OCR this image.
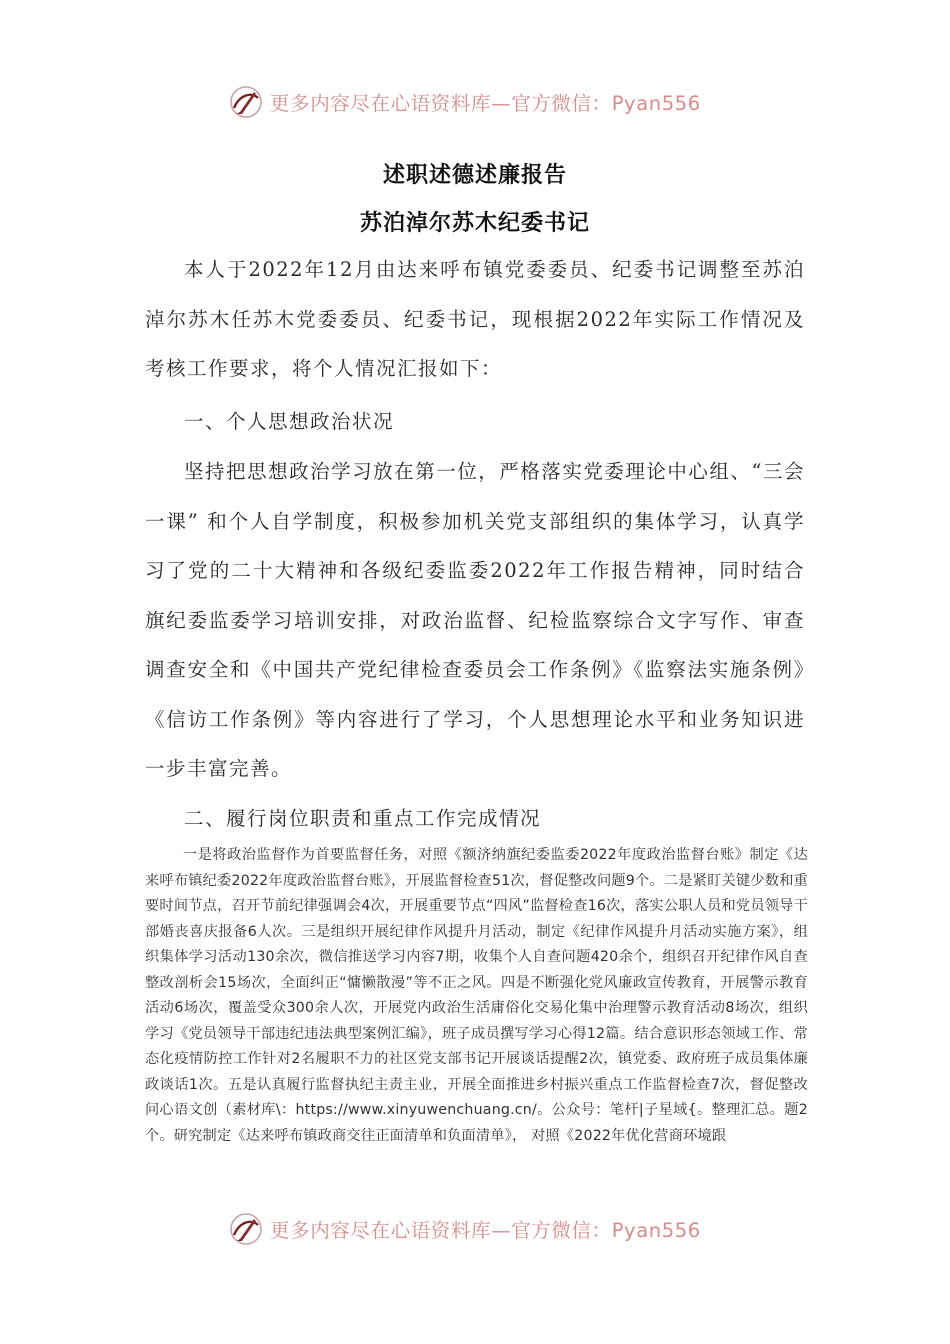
更多内容尽在心语资料库—官方微信：Pyan556
述职述德述廉报告
苏泊淖尔苏木纪委书记

本人于2022年12月由达来呼布镇党委委员、纪委书记调整至苏泊淖尔苏木任苏木党委委员、纪委书记，现根据2022年实际工作情况及考核工作要求，将个人情况汇报如下：

一、个人思想政治状况

坚持把思想政治学习放在第一位，严格落实党委理论中心组、“三会一课” 和个人自学制度，积极参加机关党支部组织的集体学习，认真学习了党的二十大精神和各级纪委监委2022年工作报告精神，同时结合旗纪委监委学习培训安排，对政治监督、纪检监察综合文字写作、审查调查安全和《中国共产党纪律检查委员会工作条例》《监察法实施条例》《信访工作条例》等内容进行了学习，个人思想理论水平和业务知识进一步丰富完善。

二、履行岗位职责和重点工作完成情况

一是将政治监督作为首要监督任务，对照《额济纳旗纪委监委2022年度政治监督台账》制定《达来呼布镇纪委2022年度政治监督台账》，开展监督检查51次，督促整改问题9个。二是紧盯关键少数和重要时间节点，召开节前纪律强调会4次，开展重要节点“四风”监督检查16次，落实公职人员和党员领导干部婚丧喜庆报备6人次。三是组织开展纪律作风提升月活动，制定《纪律作风提升月活动实施方案》，组织集体学习活动130余次，微信推送学习内容7期，收集个人自查问题420余个，组织召开纪律作风自查整改剖析会15场次，全面纠正“慵懒散漫”等不正之风。四是不断强化党风廉政宣传教育，开展警示教育活动6场次，覆盖受众300余人次，开展党内政治生活庸俗化交易化集中治理警示教育活动8场次，组织学习《党员领导干部违纪违法典型案例汇编》，班子成员撰写学习心得12篇。结合意识形态领域工作、常态化疫情防控工作针对2名履职不力的社区党支部书记开展谈话提醒2次，镇党委、政府班子成员集体廉政谈话1次。五是认真履行监督执纪主责主业，开展全面推进乡村振兴重点工作监督检查7次，督促整改问心语文创（素材库\：https://www.xinyuwenchuang.cn/。公众号：笔杆|子星域{。整理汇总。题2个。研究制定《达来呼布镇政商交往正面清单和负面清单》， 对照《2022年优化营商环境跟

更多内容尽在心语资料库—官方微信：Pyan556
